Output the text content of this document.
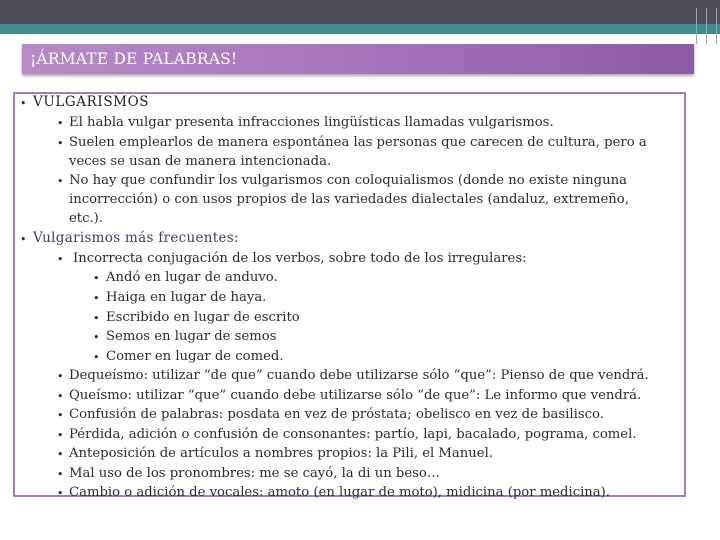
¡ÁRMATE DE PALABRAS!
• VULGARISMOS
• El habla vulgar presenta infracciones lingüísticas llamadas vulgarismos.
• Suelen emplearlos de manera espontánea las personas que carecen de cultura, pero a
veces se usan de manera intencionada.
• No hay que confundir los vulgarismos con coloquialismos (donde no existe ninguna
incorrección) o con usos propios de las variedades dialectales (andaluz, extremeño,
etc.).
• Vulgarismos más frecuentes:
• Incorrecta conjugación de los verbos, sobre todo de los irregulares:
• Andó en lugar de anduvo.
• Haiga en lugar de haya.
• Escribido en lugar de escrito
• Semos en lugar de semos
• Comer en lugar de comed.
• Dequeísmo: utilizar “de que” cuando debe utilizarse sólo “que”: Pienso de que vendrá.
• Queísmo: utilizar “que” cuando debe utilizarse sólo “de que”: Le informo que vendrá.
• Confusión de palabras: posdata en vez de próstata; obelisco en vez de basilisco.
• Pérdida, adición o confusión de consonantes: partío, lapi, bacalado, pograma, comel.
• Anteposición de artículos a nombres propios: la Pili, el Manuel.
• Mal uso de los pronombres: me se cayó, la di un beso…
• Cambio o adición de vocales: amoto (en lugar de moto), midicina (por medicina).
